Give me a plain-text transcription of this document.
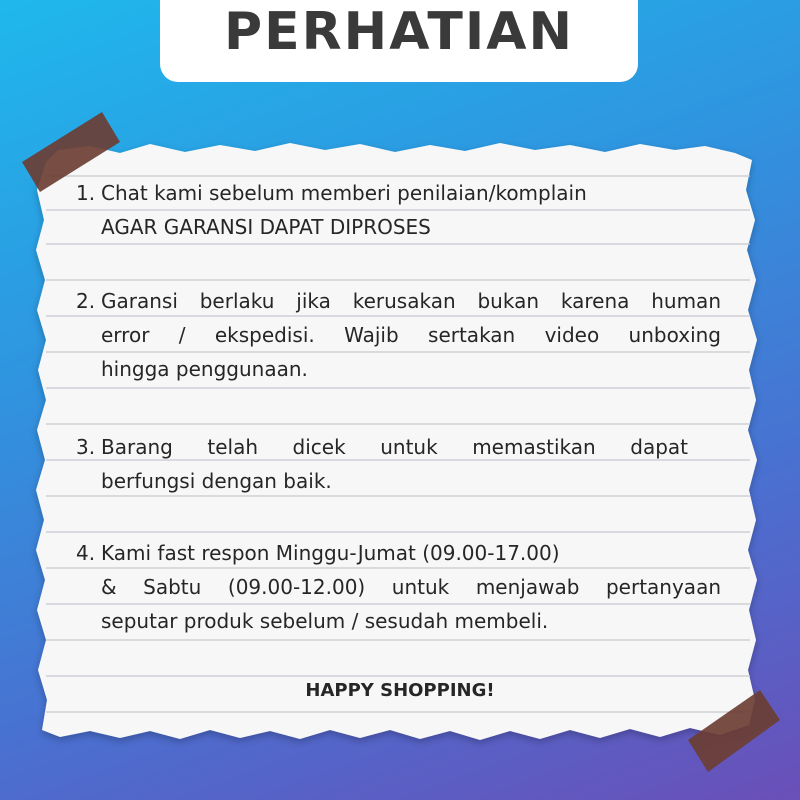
PERHATIAN
1. Chat kami sebelum memberi penilaian/komplain
AGAR GARANSI DAPAT DIPROSES
2. Garansi berlaku jika kerusakan bukan karena human
error / ekspedisi. Wajib sertakan video unboxing
hingga penggunaan.
3. Barang telah dicek untuk memastikan dapat
berfungsi dengan baik.
4. Kami fast respon Minggu-Jumat (09.00-17.00)
& Sabtu (09.00-12.00) untuk menjawab pertanyaan
seputar produk sebelum / sesudah membeli.
HAPPY SHOPPING!
